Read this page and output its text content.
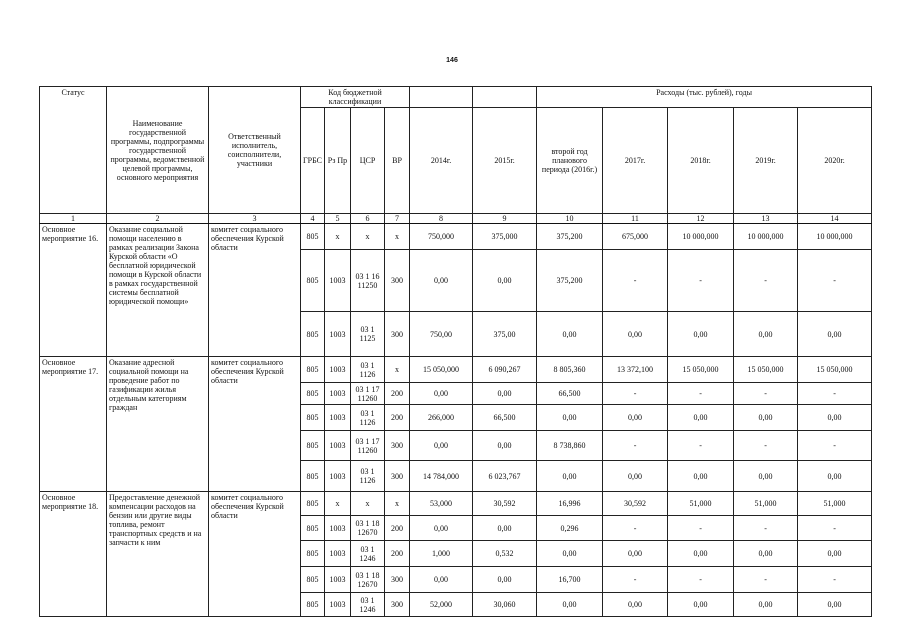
146
Статус	Наименование государственной программы, подпрограммы государственной программы, ведомственной целевой программы, основного мероприятия	Ответственный исполнитель, соисполнители, участники	Код бюджетной классификации						Расходы (тыс. рублей), годы				
			ГРБС	Рз Пр	ЦСР	ВР	2014г.	2015г.	второй год планового периода (2016г.)	2017г.	2018г.	2019г.	2020г.
1	2	3	4	5	6	7	8	9	10	11	12	13	14
Основное мероприятие 16.	Оказание социальной помощи населению в рамках реализации Закона Курской области «О бесплатной юридической помощи в Курской области в рамках государственной системы бесплатной юридической помощи»	комитет социального обеспечения Курской области	805	x	x	x	750,000	375,000	375,200	675,000	10 000,000	10 000,000	10 000,000
			805	1003	03 1 16 11250	300	0,00	0,00	375,200	-	-	-	-
			805	1003	03 1 1125	300	750,00	375,00	0,00	0,00	0,00	0,00	0,00
Основное мероприятие 17.	Оказание адресной социальной помощи на проведение работ по газификации жилья отдельным категориям граждан	комитет социального обеспечения Курской области	805	1003	03 1 1126	x	15 050,000	6 090,267	8 805,360	13 372,100	15 050,000	15 050,000	15 050,000
			805	1003	03 1 17 11260	200	0,00	0,00	66,500	-	-	-	-
			805	1003	03 1 1126	200	266,000	66,500	0,00	0,00	0,00	0,00	0,00
			805	1003	03 1 17 11260	300	0,00	0,00	8 738,860	-	-	-	-
			805	1003	03 1 1126	300	14 784,000	6 023,767	0,00	0,00	0,00	0,00	0,00
Основное мероприятие 18.	Предоставление денежной компенсации расходов на бензин или другие виды топлива, ремонт транспортных средств и на запчасти к ним	комитет социального обеспечения Курской области	805	x	x	x	53,000	30,592	16,996	30,592	51,000	51,000	51,000
			805	1003	03 1 18 12670	200	0,00	0,00	0,296	-	-	-	-
			805	1003	03 1 1246	200	1,000	0,532	0,00	0,00	0,00	0,00	0,00
			805	1003	03 1 18 12670	300	0,00	0,00	16,700	-	-	-	-
			805	1003	03 1 1246	300	52,000	30,060	0,00	0,00	0,00	0,00	0,00
